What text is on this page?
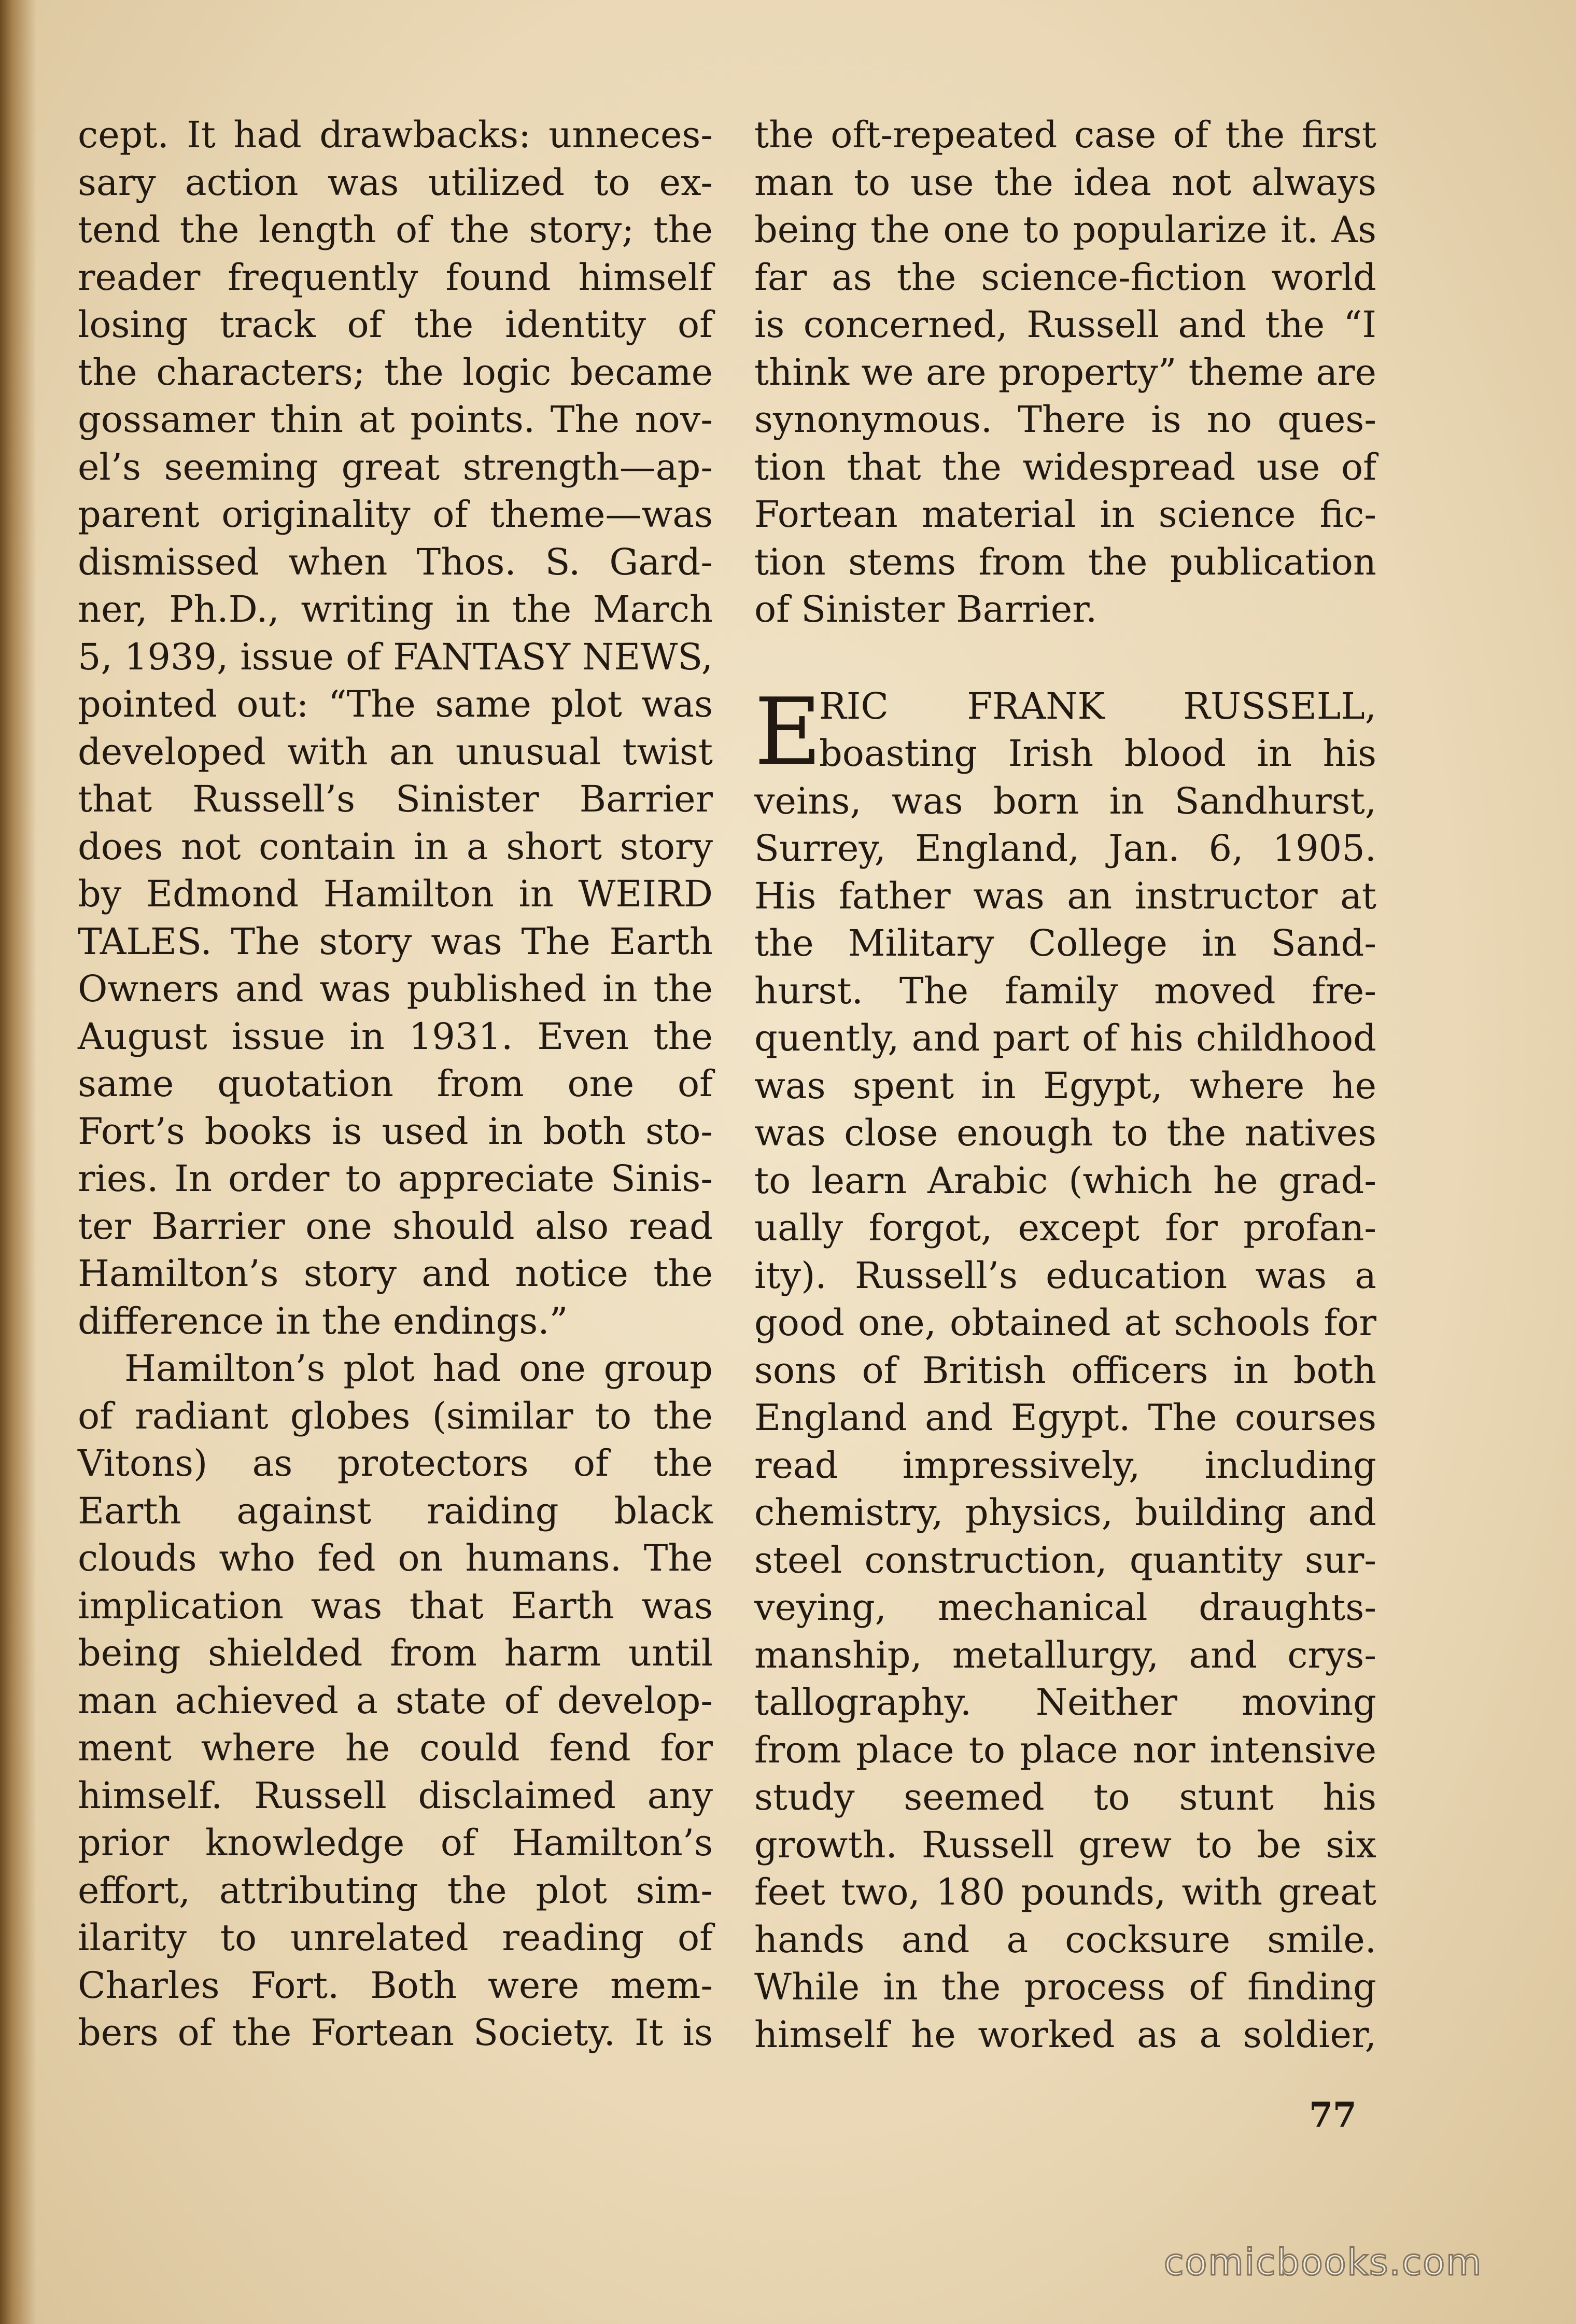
cept. It had drawbacks: unneces-
sary action was utilized to ex-
tend the length of the story; the
reader frequently found himself
losing track of the identity of
the characters; the logic became
gossamer thin at points. The nov-
el’s seeming great strength—ap-
parent originality of theme—was
dismissed when Thos. S. Gard-
ner, Ph.D., writing in the March
5, 1939, issue of FANTASY NEWS,
pointed out: “The same plot was
developed with an unusual twist
that Russell’s Sinister Barrier
does not contain in a short story
by Edmond Hamilton in WEIRD
TALES. The story was The Earth
Owners and was published in the
August issue in 1931. Even the
same quotation from one of
Fort’s books is used in both sto-
ries. In order to appreciate Sinis-
ter Barrier one should also read
Hamilton’s story and notice the
difference in the endings.”
Hamilton’s plot had one group
of radiant globes (similar to the
Vitons) as protectors of the
Earth against raiding black
clouds who fed on humans. The
implication was that Earth was
being shielded from harm until
man achieved a state of develop-
ment where he could fend for
himself. Russell disclaimed any
prior knowledge of Hamilton’s
effort, attributing the plot sim-
ilarity to unrelated reading of
Charles Fort. Both were mem-
bers of the Fortean Society. It is
the oft-repeated case of the first
man to use the idea not always
being the one to popularize it. As
far as the science-fiction world
is concerned, Russell and the “I
think we are property” theme are
synonymous. There is no ques-
tion that the widespread use of
Fortean material in science fic-
tion stems from the publication
of Sinister Barrier.
E
RIC FRANK RUSSELL,
boasting Irish blood in his
veins, was born in Sandhurst,
Surrey, England, Jan. 6, 1905.
His father was an instructor at
the Military College in Sand-
hurst. The family moved fre-
quently, and part of his childhood
was spent in Egypt, where he
was close enough to the natives
to learn Arabic (which he grad-
ually forgot, except for profan-
ity). Russell’s education was a
good one, obtained at schools for
sons of British officers in both
England and Egypt. The courses
read impressively, including
chemistry, physics, building and
steel construction, quantity sur-
veying, mechanical draughts-
manship, metallurgy, and crys-
tallography. Neither moving
from place to place nor intensive
study seemed to stunt his
growth. Russell grew to be six
feet two, 180 pounds, with great
hands and a cocksure smile.
While in the process of finding
himself he worked as a soldier,
77
comicbooks.com
